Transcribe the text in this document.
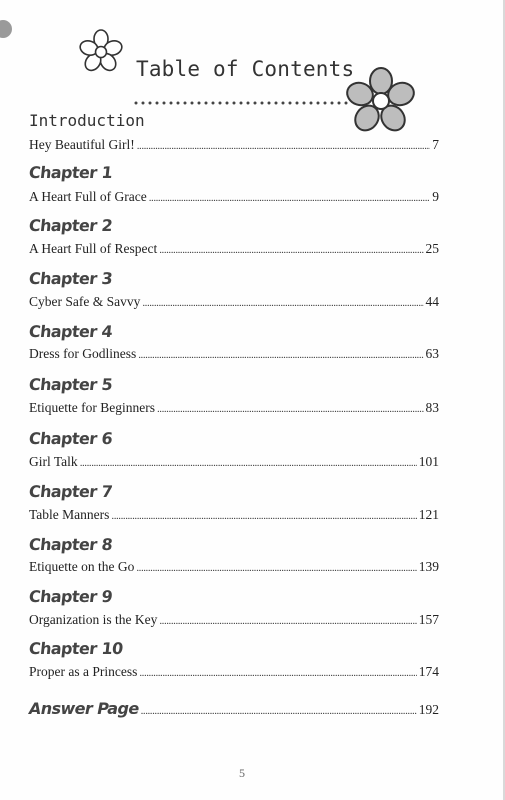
Table of Contents
Introduction
Hey Beautiful Girl! . . .	7
Chapter 1
A Heart Full of Grace . . .	9
Chapter 2
A Heart Full of Respect . . .	25
Chapter 3
Cyber Safe & Savvy . . .	44
Chapter 4
Dress for Godliness . . .	63
Chapter 5
Etiquette for Beginners . . .	83
Chapter 6
Girl Talk . . .	101
Chapter 7
Table Manners . . .	121
Chapter 8
Etiquette on the Go . . .	139
Chapter 9
Organization is the Key . . .	157
Chapter 10
Proper as a Princess . . .	174
Answer Page . . .	192
5
